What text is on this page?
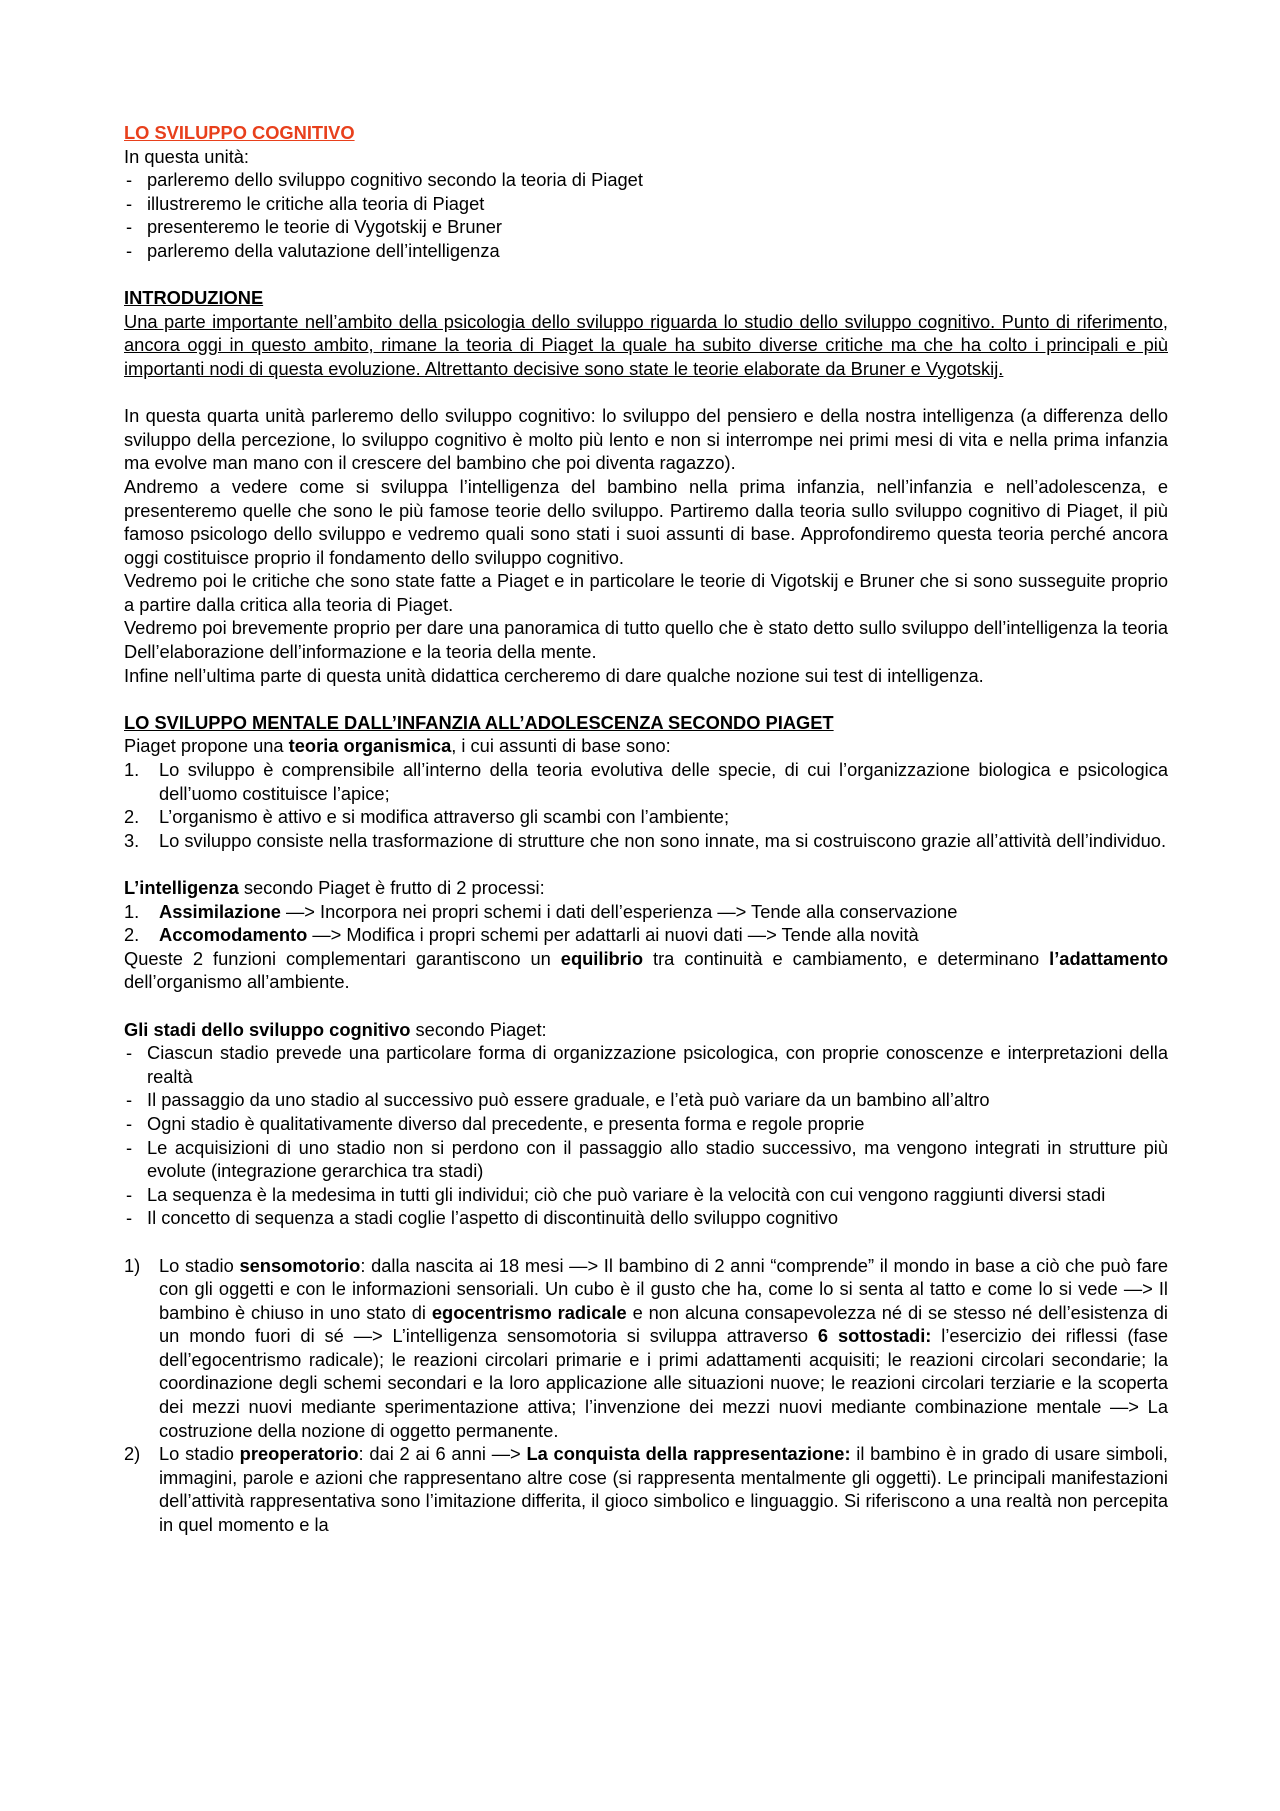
LO SVILUPPO COGNITIVO

In questa unità:

- parleremo dello sviluppo cognitivo secondo la teoria di Piaget
- illustreremo le critiche alla teoria di Piaget
- presenteremo le teorie di Vygotskij e Bruner
- parleremo della valutazione dell’intelligenza

INTRODUZIONE

Una parte importante nell’ambito della psicologia dello sviluppo riguarda lo studio dello sviluppo cognitivo. Punto di riferimento, ancora oggi in questo ambito, rimane la teoria di Piaget la quale ha subito diverse critiche ma che ha colto i principali e più importanti nodi di questa evoluzione. Altrettanto decisive sono state le teorie elaborate da Bruner e Vygotskij.

In questa quarta unità parleremo dello sviluppo cognitivo: lo sviluppo del pensiero e della nostra intelligenza (a differenza dello sviluppo della percezione, lo sviluppo cognitivo è molto più lento e non si interrompe nei primi mesi di vita e nella prima infanzia ma evolve man mano con il crescere del bambino che poi diventa ragazzo).

Andremo a vedere come si sviluppa l’intelligenza del bambino nella prima infanzia, nell’infanzia e nell’adolescenza, e presenteremo quelle che sono le più famose teorie dello sviluppo. Partiremo dalla teoria sullo sviluppo cognitivo di Piaget, il più famoso psicologo dello sviluppo e vedremo quali sono stati i suoi assunti di base. Approfondiremo questa teoria perché ancora oggi costituisce proprio il fondamento dello sviluppo cognitivo.

Vedremo poi le critiche che sono state fatte a Piaget e in particolare le teorie di Vigotskij e Bruner che si sono susseguite proprio a partire dalla critica alla teoria di Piaget.

Vedremo poi brevemente proprio per dare una panoramica di tutto quello che è stato detto sullo sviluppo dell’intelligenza la teoria Dell’elaborazione dell’informazione e la teoria della mente.

Infine nell’ultima parte di questa unità didattica cercheremo di dare qualche nozione sui test di intelligenza.

LO SVILUPPO MENTALE DALL’INFANZIA ALL’ADOLESCENZA SECONDO PIAGET

Piaget propone una teoria organismica, i cui assunti di base sono:

1. Lo sviluppo è comprensibile all’interno della teoria evolutiva delle specie, di cui l’organizzazione biologica e psicologica dell’uomo costituisce l’apice;
2. L’organismo è attivo e si modifica attraverso gli scambi con l’ambiente;
3. Lo sviluppo consiste nella trasformazione di strutture che non sono innate, ma si costruiscono grazie all’attività dell’individuo.

L’intelligenza secondo Piaget è frutto di 2 processi:

1. Assimilazione —> Incorpora nei propri schemi i dati dell’esperienza —> Tende alla conservazione
2. Accomodamento —> Modifica i propri schemi per adattarli ai nuovi dati —> Tende alla novità

Queste 2 funzioni complementari garantiscono un equilibrio tra continuità e cambiamento, e determinano l’adattamento dell’organismo all’ambiente.

Gli stadi dello sviluppo cognitivo secondo Piaget:

- Ciascun stadio prevede una particolare forma di organizzazione psicologica, con proprie conoscenze e interpretazioni della realtà
- Il passaggio da uno stadio al successivo può essere graduale, e l’età può variare da un bambino all’altro
- Ogni stadio è qualitativamente diverso dal precedente, e presenta forma e regole proprie
- Le acquisizioni di uno stadio non si perdono con il passaggio allo stadio successivo, ma vengono integrati in strutture più evolute (integrazione gerarchica tra stadi)
- La sequenza è la medesima in tutti gli individui; ciò che può variare è la velocità con cui vengono raggiunti diversi stadi
- Il concetto di sequenza a stadi coglie l’aspetto di discontinuità dello sviluppo cognitivo
1) Lo stadio sensomotorio: dalla nascita ai 18 mesi —> Il bambino di 2 anni “comprende” il mondo in base a ciò che può fare con gli oggetti e con le informazioni sensoriali. Un cubo è il gusto che ha, come lo si senta al tatto e come lo si vede —> Il bambino è chiuso in uno stato di egocentrismo radicale e non alcuna consapevolezza né di se stesso né dell’esistenza di un mondo fuori di sé —> L’intelligenza sensomotoria si sviluppa attraverso 6 sottostadi: l’esercizio dei riflessi (fase dell’egocentrismo radicale); le reazioni circolari primarie e i primi adattamenti acquisiti; le reazioni circolari secondarie; la coordinazione degli schemi secondari e la loro applicazione alle situazioni nuove; le reazioni circolari terziarie e la scoperta dei mezzi nuovi mediante sperimentazione attiva; l’invenzione dei mezzi nuovi mediante combinazione mentale —> La costruzione della nozione di oggetto permanente.
2) Lo stadio preoperatorio: dai 2 ai 6 anni —> La conquista della rappresentazione: il bambino è in grado di usare simboli, immagini, parole e azioni che rappresentano altre cose (si rappresenta mentalmente gli oggetti). Le principali manifestazioni dell’attività rappresentativa sono l’imitazione differita, il gioco simbolico e linguaggio. Si riferiscono a una realtà non percepita in quel momento e la
